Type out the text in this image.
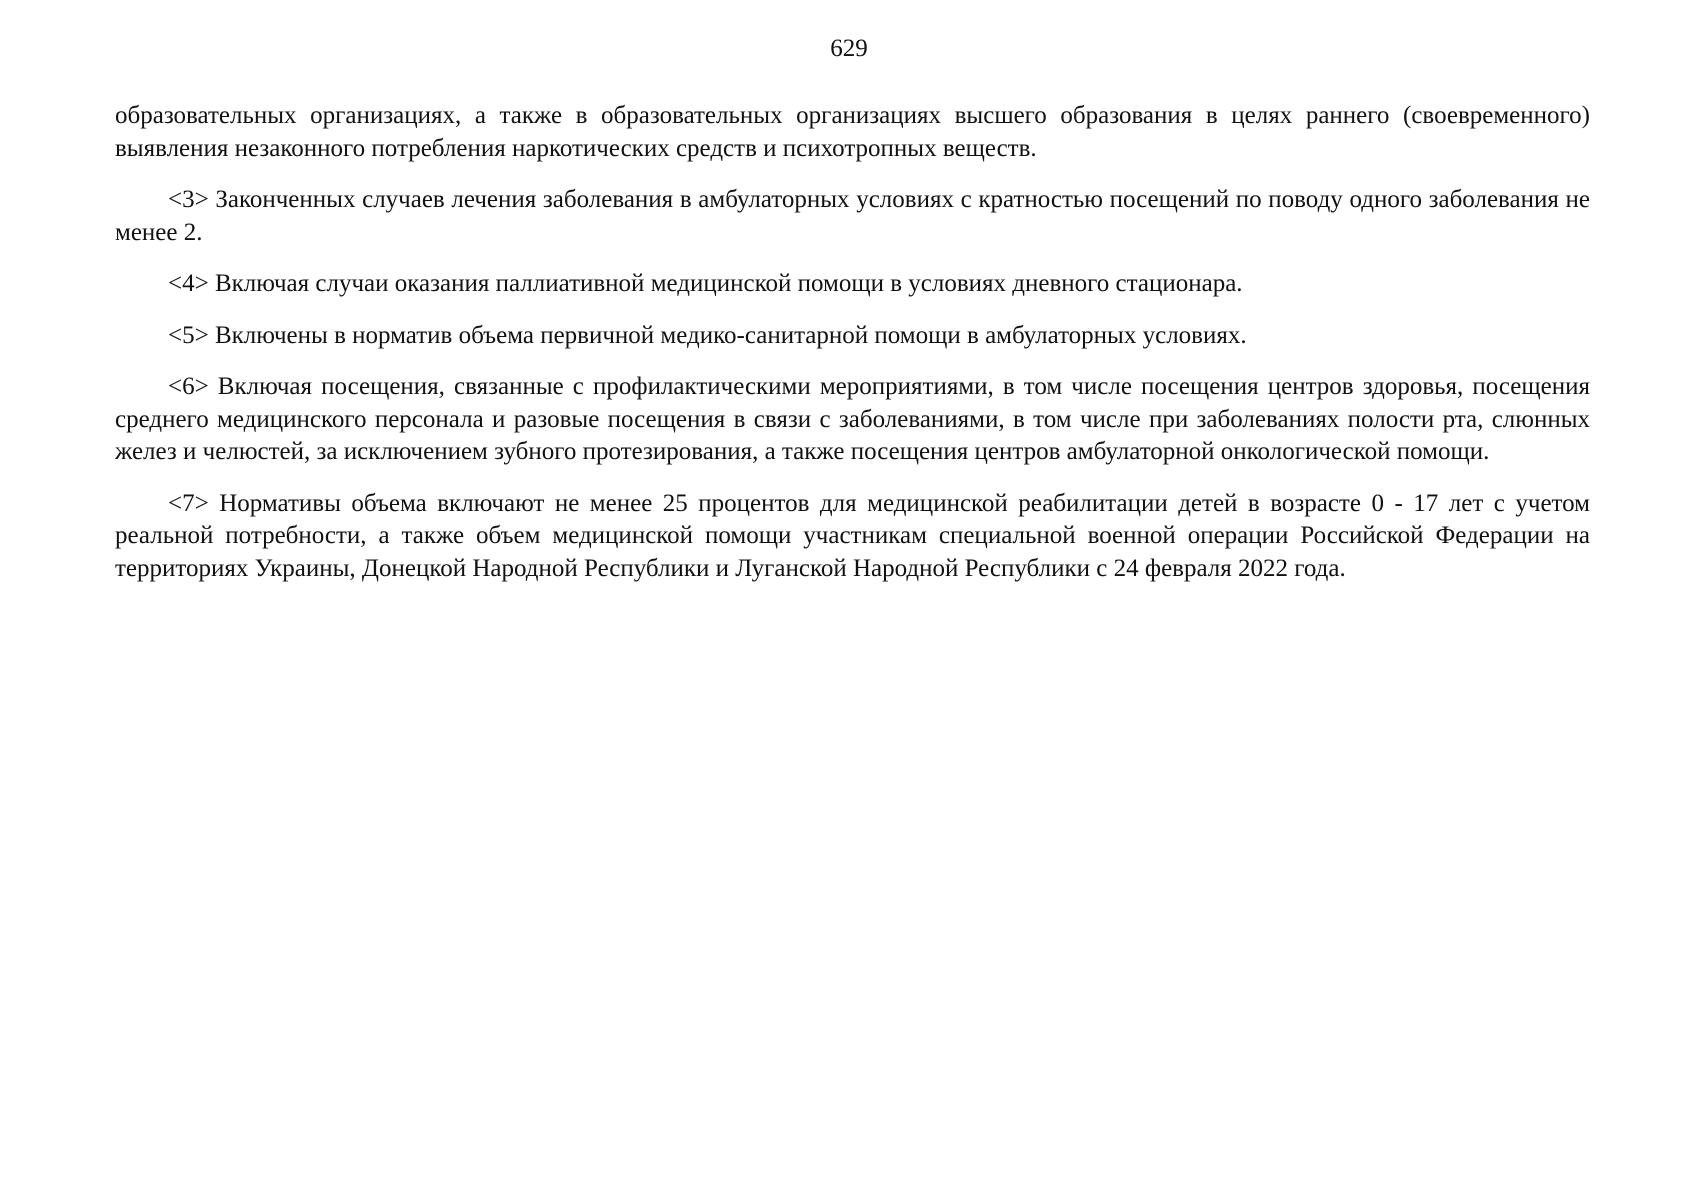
629

образовательных организациях, а также в образовательных организациях высшего образования в целях раннего (своевременного) выявления незаконного потребления наркотических средств и психотропных веществ.

<3> Законченных случаев лечения заболевания в амбулаторных условиях с кратностью посещений по поводу одного заболевания не менее 2.

<4> Включая случаи оказания паллиативной медицинской помощи в условиях дневного стационара.

<5> Включены в норматив объема первичной медико-санитарной помощи в амбулаторных условиях.

<6> Включая посещения, связанные с профилактическими мероприятиями, в том числе посещения центров здоровья, посещения среднего медицинского персонала и разовые посещения в связи с заболеваниями, в том числе при заболеваниях полости рта, слюнных желез и челюстей, за исключением зубного протезирования, а также посещения центров амбулаторной онкологической помощи.

<7> Нормативы объема включают не менее 25 процентов для медицинской реабилитации детей в возрасте 0 - 17 лет с учетом реальной потребности, а также объем медицинской помощи участникам специальной военной операции Российской Федерации на территориях Украины, Донецкой Народной Республики и Луганской Народной Республики с 24 февраля 2022 года.
